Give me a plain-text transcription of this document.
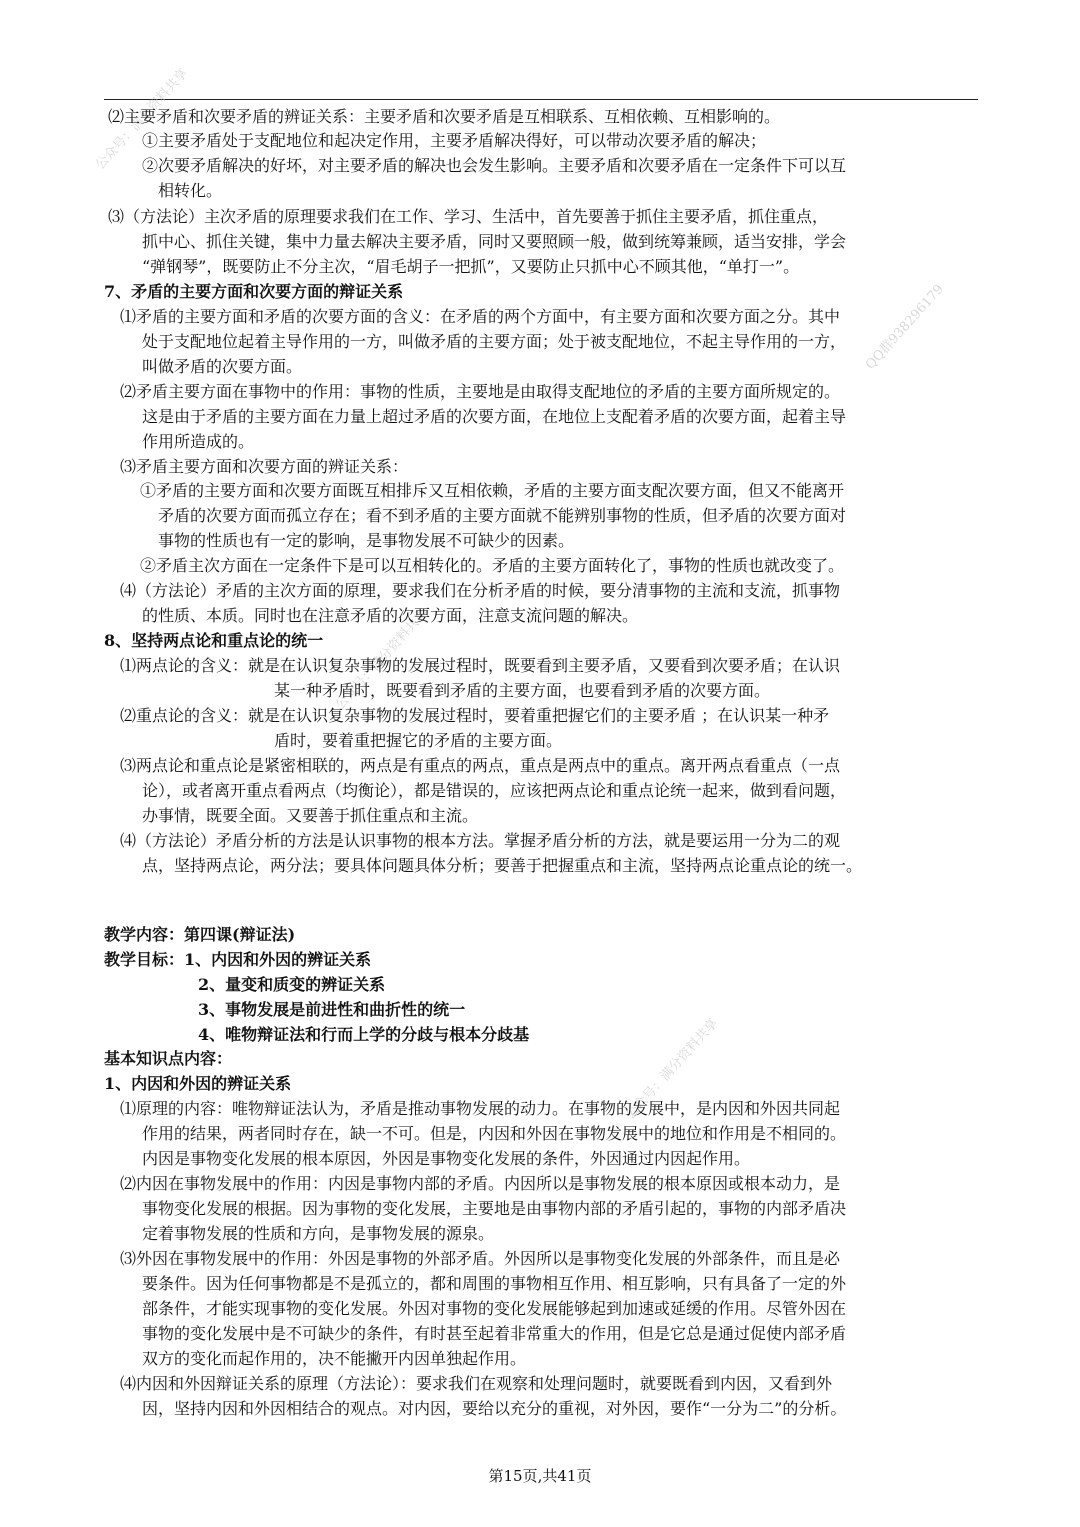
公众号：满分资料共享
公众号：满分资料共享
公众号：满分资料共享
QQ群938296179
⑵主要矛盾和次要矛盾的辨证关系：主要矛盾和次要矛盾是互相联系、互相依赖、互相影响的。
①主要矛盾处于支配地位和起决定作用，主要矛盾解决得好，可以带动次要矛盾的解决；
②次要矛盾解决的好坏，对主要矛盾的解决也会发生影响。主要矛盾和次要矛盾在一定条件下可以互
相转化。
⑶（方法论）主次矛盾的原理要求我们在工作、学习、生活中，首先要善于抓住主要矛盾，抓住重点，
抓中心、抓住关键，集中力量去解决主要矛盾，同时又要照顾一般，做到统筹兼顾，适当安排，学会
“弹钢琴”，既要防止不分主次，“眉毛胡子一把抓”，又要防止只抓中心不顾其他，“单打一”。
7、矛盾的主要方面和次要方面的辩证关系
⑴矛盾的主要方面和矛盾的次要方面的含义：在矛盾的两个方面中，有主要方面和次要方面之分。其中
处于支配地位起着主导作用的一方，叫做矛盾的主要方面；处于被支配地位，不起主导作用的一方，
叫做矛盾的次要方面。
⑵矛盾主要方面在事物中的作用：事物的性质，主要地是由取得支配地位的矛盾的主要方面所规定的。
这是由于矛盾的主要方面在力量上超过矛盾的次要方面，在地位上支配着矛盾的次要方面，起着主导
作用所造成的。
⑶矛盾主要方面和次要方面的辨证关系：
①矛盾的主要方面和次要方面既互相排斥又互相依赖，矛盾的主要方面支配次要方面，但又不能离开
矛盾的次要方面而孤立存在；看不到矛盾的主要方面就不能辨别事物的性质，但矛盾的次要方面对
事物的性质也有一定的影响，是事物发展不可缺少的因素。
②矛盾主次方面在一定条件下是可以互相转化的。矛盾的主要方面转化了，事物的性质也就改变了。
⑷（方法论）矛盾的主次方面的原理，要求我们在分析矛盾的时候，要分清事物的主流和支流，抓事物
的性质、本质。同时也在注意矛盾的次要方面，注意支流问题的解决。
8、坚持两点论和重点论的统一
⑴两点论的含义：就是在认识复杂事物的发展过程时，既要看到主要矛盾，又要看到次要矛盾；在认识
某一种矛盾时，既要看到矛盾的主要方面，也要看到矛盾的次要方面。
⑵重点论的含义：就是在认识复杂事物的发展过程时，要着重把握它们的主要矛盾 ；在认识某一种矛
盾时，要着重把握它的矛盾的主要方面。
⑶两点论和重点论是紧密相联的，两点是有重点的两点，重点是两点中的重点。离开两点看重点（一点
论），或者离开重点看两点（均衡论），都是错误的，应该把两点论和重点论统一起来，做到看问题，
办事情，既要全面。又要善于抓住重点和主流。
⑷（方法论）矛盾分析的方法是认识事物的根本方法。掌握矛盾分析的方法，就是要运用一分为二的观
点，坚持两点论，两分法；要具体问题具体分析；要善于把握重点和主流，坚持两点论重点论的统一。
教学内容：第四课(辩证法)
教学目标：1、内因和外因的辨证关系
2、量变和质变的辨证关系
3、事物发展是前进性和曲折性的统一
4、唯物辩证法和行而上学的分歧与根本分歧基
基本知识点内容：
1、内因和外因的辨证关系
⑴原理的内容：唯物辩证法认为，矛盾是推动事物发展的动力。在事物的发展中，是内因和外因共同起
作用的结果，两者同时存在，缺一不可。但是，内因和外因在事物发展中的地位和作用是不相同的。
内因是事物变化发展的根本原因，外因是事物变化发展的条件，外因通过内因起作用。
⑵内因在事物发展中的作用：内因是事物内部的矛盾。内因所以是事物发展的根本原因或根本动力，是
事物变化发展的根据。因为事物的变化发展，主要地是由事物内部的矛盾引起的，事物的内部矛盾决
定着事物发展的性质和方向，是事物发展的源泉。
⑶外因在事物发展中的作用：外因是事物的外部矛盾。外因所以是事物变化发展的外部条件，而且是必
要条件。因为任何事物都是不是孤立的，都和周围的事物相互作用、相互影响，只有具备了一定的外
部条件，才能实现事物的变化发展。外因对事物的变化发展能够起到加速或延缓的作用。尽管外因在
事物的变化发展中是不可缺少的条件，有时甚至起着非常重大的作用，但是它总是通过促使内部矛盾
双方的变化而起作用的，决不能撇开内因单独起作用。
⑷内因和外因辩证关系的原理（方法论）：要求我们在观察和处理问题时，就要既看到内因，又看到外
因，坚持内因和外因相结合的观点。对内因，要给以充分的重视，对外因，要作“一分为二”的分析。
第15页,共41页
